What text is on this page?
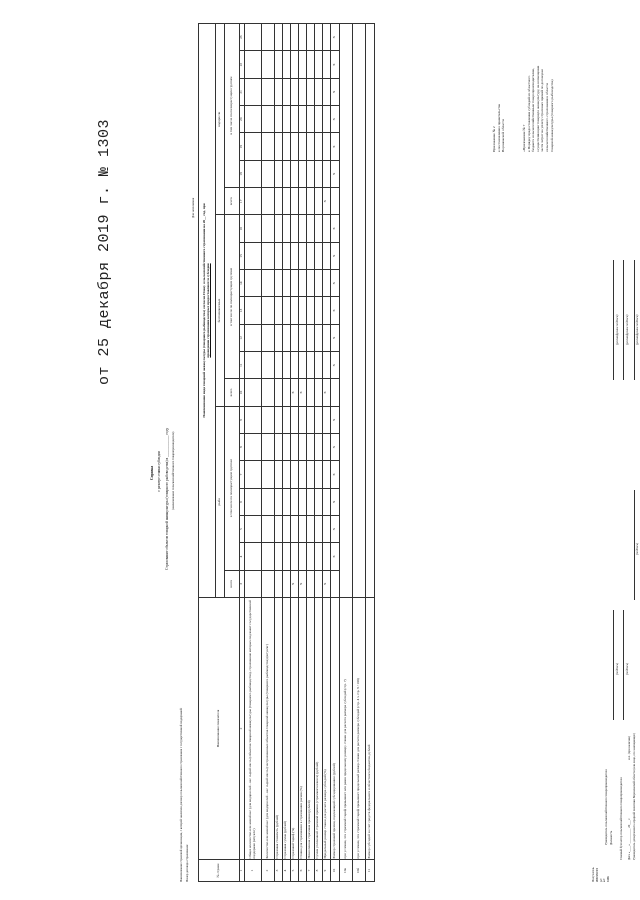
Приложение № 2 к постановлению правительства Воронежской области	«Приложение № 7 к Порядку предоставления субсидий из областного бюджета сельскохозяйственным товаропроизводителям, осуществляющим товарную аквакультуру, на возмещение части затрат на уплату страховых премий по договорам сельскохозяйственного страхования в области товарной аквакультуры (товарного рыбоводства)
от 25 декабря 2019 г. № 1303
Справка о размере ставки субсидии Страхование объектов товарной аквакультуры (товарного рыбоводства) в ____________ году (наименование сельскохозяйственного товаропроизводителя)
Наименование страховой организации, с которой заключен договор сельскохозяйственного страхования с государственной поддержкой: Номер договора страхования:
Для заполнения
№ строки	Наименование показателя	Наименование вида товарной аквакультуры (товарного рыбоводства) согласно Плану сельскохозяйственного страхования на 20__ год, при проведении страхования которых предоставляются субсидии																				

		рыба							беспозвоночные							водоросли						
		всего	в том числе по полнорастущим группам						всего	в том числе по полнорастущим группам						всего	в том числе по полнорастущим группам					
1	2	3	4	5	6	7	8	9	10	11	12	13	14	15	16	17	18	19	20	21	22	23
1	Общее количество или живой вес (для водорослей - вес сырой массы) объектов товарной аквакультуры (товарного рыбоводства), страхование которых подлежит государственной поддержке (штук/кг)																					
2	Количество или живой вес (для водорослей - вес сырой массы) застрахованных объектов товарной аквакультуры (товарного рыбоводства) (штук/кг)																					
3	Страховая стоимость (рублей)																					
4	Страховая сумма (рублей)																					
5	Страховой тариф (%)	X							X													
6	Ставка для страхования в страховании рисков (%)	X							X													
7	Начисленная страховая премия (рублей)																					
8	Сумма уплаченной страховой премии (страхового взноса) (рублей)																					
9	Предельный размер ставки для расчета размера субсидий (%)	X							X							X						
10	Размер страховой премии, подлежащий субсидированию (рублей)		X	X	X	X	X	X		X	X	X	X	X	X		X	X	X	X	X	X
10а	при условии, что страховой тариф превышает или равен предельному размеру ставки для расчета размера субсидий (стр. 7)																					
10б	при условии, что страховой тариф превышает предельный размер ставки для расчета размера субсидий (стр. 4 х стр. 9 / 100)																					
11	Размер субсидий за счет средств федерального и областного бюджетов, рублей																					
Получатель ИНН/КПП р/с к/с БИК
Руководитель сельскохозяйственного товаропроизводителя Должность
(подпись)
(расшифровка подписи)
Главный бухгалтер сельскохозяйственного товаропроизводителя
(подпись)
(расшифровка подписи)
Дата «____» __________ 20___ г.
м.п. (при наличии) Руководитель департамента аграрной политики Воронежской области (или лицо, его замещающее)
(подпись)
(расшифровка подписи)
